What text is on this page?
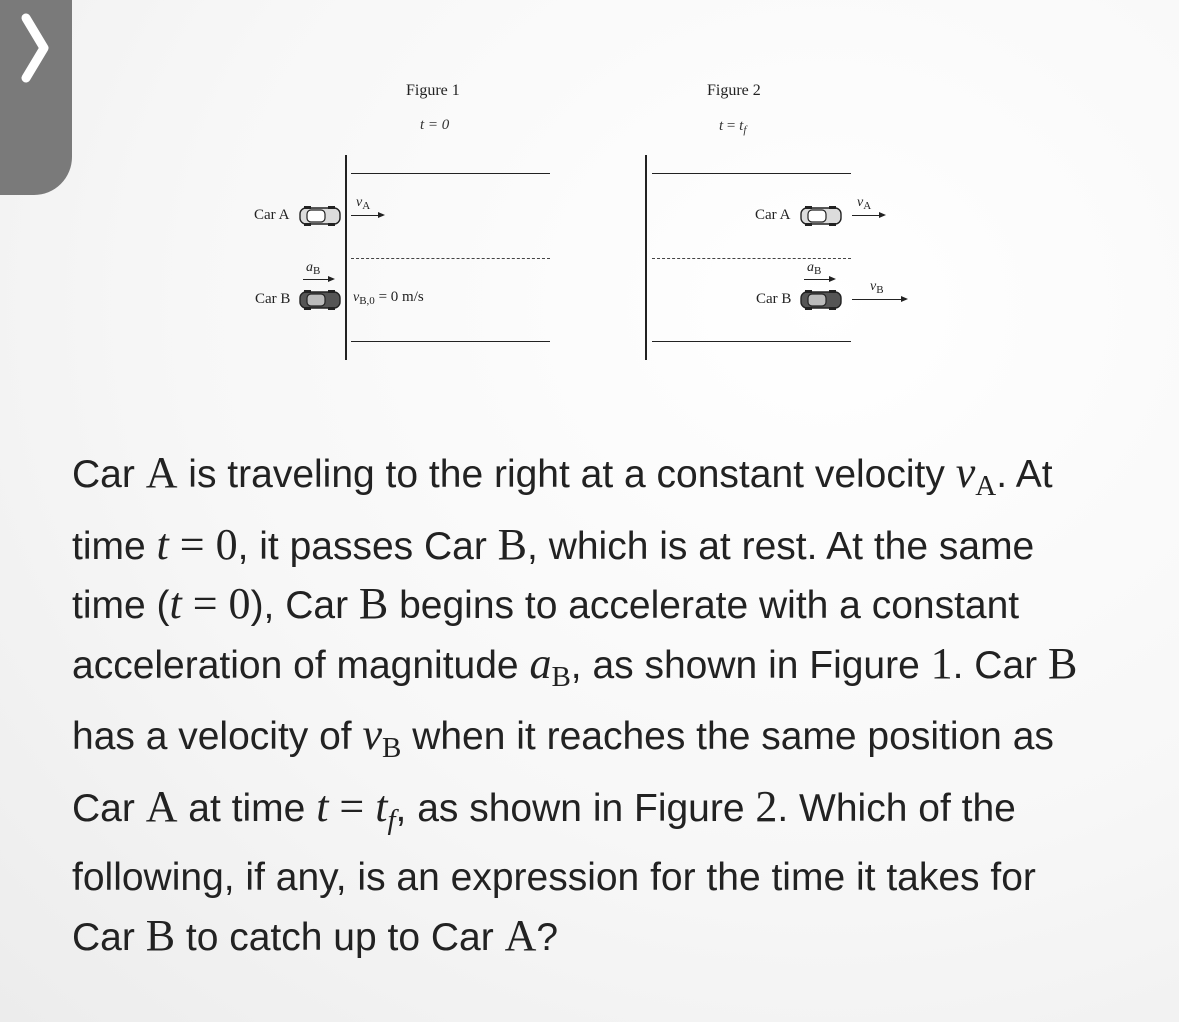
Figure 1
t = 0
Car A
$v_A$
$a_B$
Car B	$v_{B,0} = 0$ m/s
Figure 2
$t = t_f$
Car A
$v_A$
$a_B$
Car B
$v_B$
Car A is traveling to the right at a constant velocity $v_A$. At time t = 0, it passes Car B, which is at rest. At the same time (t = 0), Car B begins to accelerate with a constant acceleration of magnitude $a_B$, as shown in Figure 1. Car B has a velocity of $v_B$ when it reaches the same position as Car A at time $t = t_f$, as shown in Figure 2. Which of the following, if any, is an expression for the time it takes for Car B to catch up to Car A?
